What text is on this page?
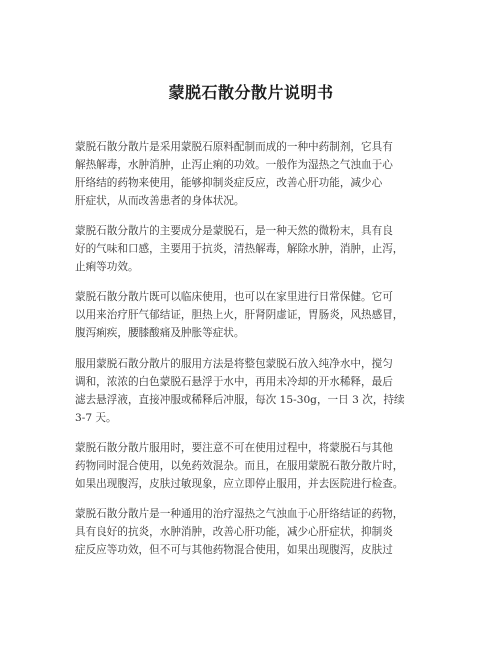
蒙脱石散分散片说明书
蒙脱石散分散片是采用蒙脱石原料配制而成的一种中药制剂，它具有
解热解毒，水肿消肿，止泻止痢的功效。一般作为湿热之气浊血于心
肝络结的药物来使用，能够抑制炎症反应，改善心肝功能，减少心
肝症状，从而改善患者的身体状况。
蒙脱石散分散片的主要成分是蒙脱石，是一种天然的微粉末，具有良
好的气味和口感，主要用于抗炎，清热解毒，解除水肿，消肿，止泻，
止痢等功效。
蒙脱石散分散片既可以临床使用，也可以在家里进行日常保健。它可
以用来治疗肝气郁结证，胆热上火，肝肾阴虚证，胃肠炎，风热感冒，
腹泻痢疾，腰膝酸痛及肿胀等症状。
服用蒙脱石散分散片的服用方法是将整包蒙脱石放入纯净水中，搅匀
调和，浓浓的白色蒙脱石悬浮于水中，再用未冷却的开水稀释，最后
滤去悬浮液，直接冲服或稀释后冲服，每次 15-30g，一日 3 次，持续
3-7 天。
蒙脱石散分散片服用时，要注意不可在使用过程中，将蒙脱石与其他
药物同时混合使用，以免药效混杂。而且，在服用蒙脱石散分散片时，
如果出现腹泻，皮肤过敏现象，应立即停止服用，并去医院进行检查。
蒙脱石散分散片是一种通用的治疗湿热之气浊血于心肝络结证的药物，
具有良好的抗炎，水肿消肿，改善心肝功能，减少心肝症状，抑制炎
症反应等功效，但不可与其他药物混合使用，如果出现腹泻，皮肤过
